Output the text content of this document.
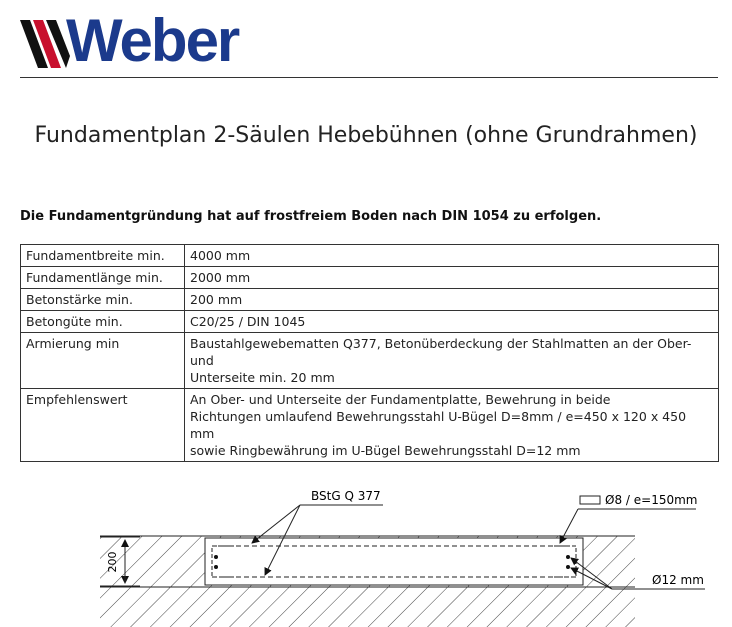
Weber
Fundamentplan 2-Säulen Hebebühnen (ohne Grundrahmen)
Die Fundamentgründung hat auf frostfreiem Boden nach DIN 1054 zu erfolgen.
Fundamentbreite min.	4000 mm
Fundamentlänge min.	2000 mm
Betonstärke min.	200 mm
Betongüte min.	C20/25 / DIN 1045
Armierung min	Baustahlgewebematten Q377, Betonüberdeckung der Stahlmatten an der Ober- und
Unterseite min. 20 mm

Empfehlenswert	An Ober- und Unterseite der Fundamentplatte, Bewehrung in beide
Richtungen umlaufend Bewehrungsstahl U-Bügel D=8mm / e=450 x 120 x 450 mm
sowie Ringbewährung im U-Bügel Bewehrungsstahl D=12 mm
200
BStG Q 377	Ø8 / e=150mm
Ø12 mm
